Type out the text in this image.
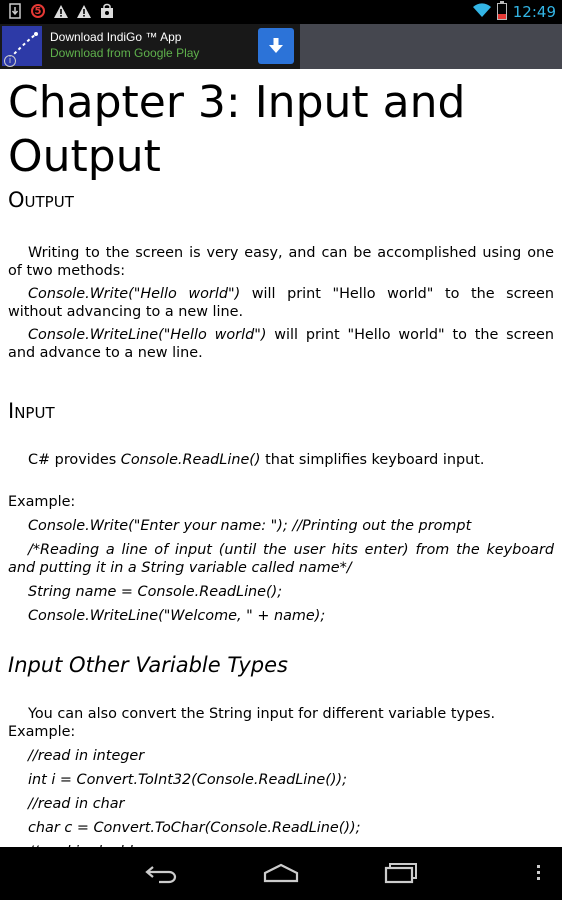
5	12:49
i
Download IndiGo ™ App
Download from Google Play
Chapter 3: Input and Output
Output

Writing to the screen is very easy, and can be accomplished using one of two methods:

Console.Write("Hello world") will print "Hello world" to the screen without advancing to a new line.

Console.WriteLine("Hello world") will print "Hello world" to the screen and advance to a new line.

Input

C# provides Console.ReadLine() that simplifies keyboard input.

Example:

Console.Write("Enter your name: "); //Printing out the prompt

/*Reading a line of input (until the user hits enter) from the keyboard and putting it in a String variable called name*/

String name = Console.ReadLine();

Console.WriteLine("Welcome, " + name);

Input Other Variable Types

You can also convert the String input for different variable types. Example:

//read in integer

int i = Convert.ToInt32(Console.ReadLine());

//read in char

char c = Convert.ToChar(Console.ReadLine());
